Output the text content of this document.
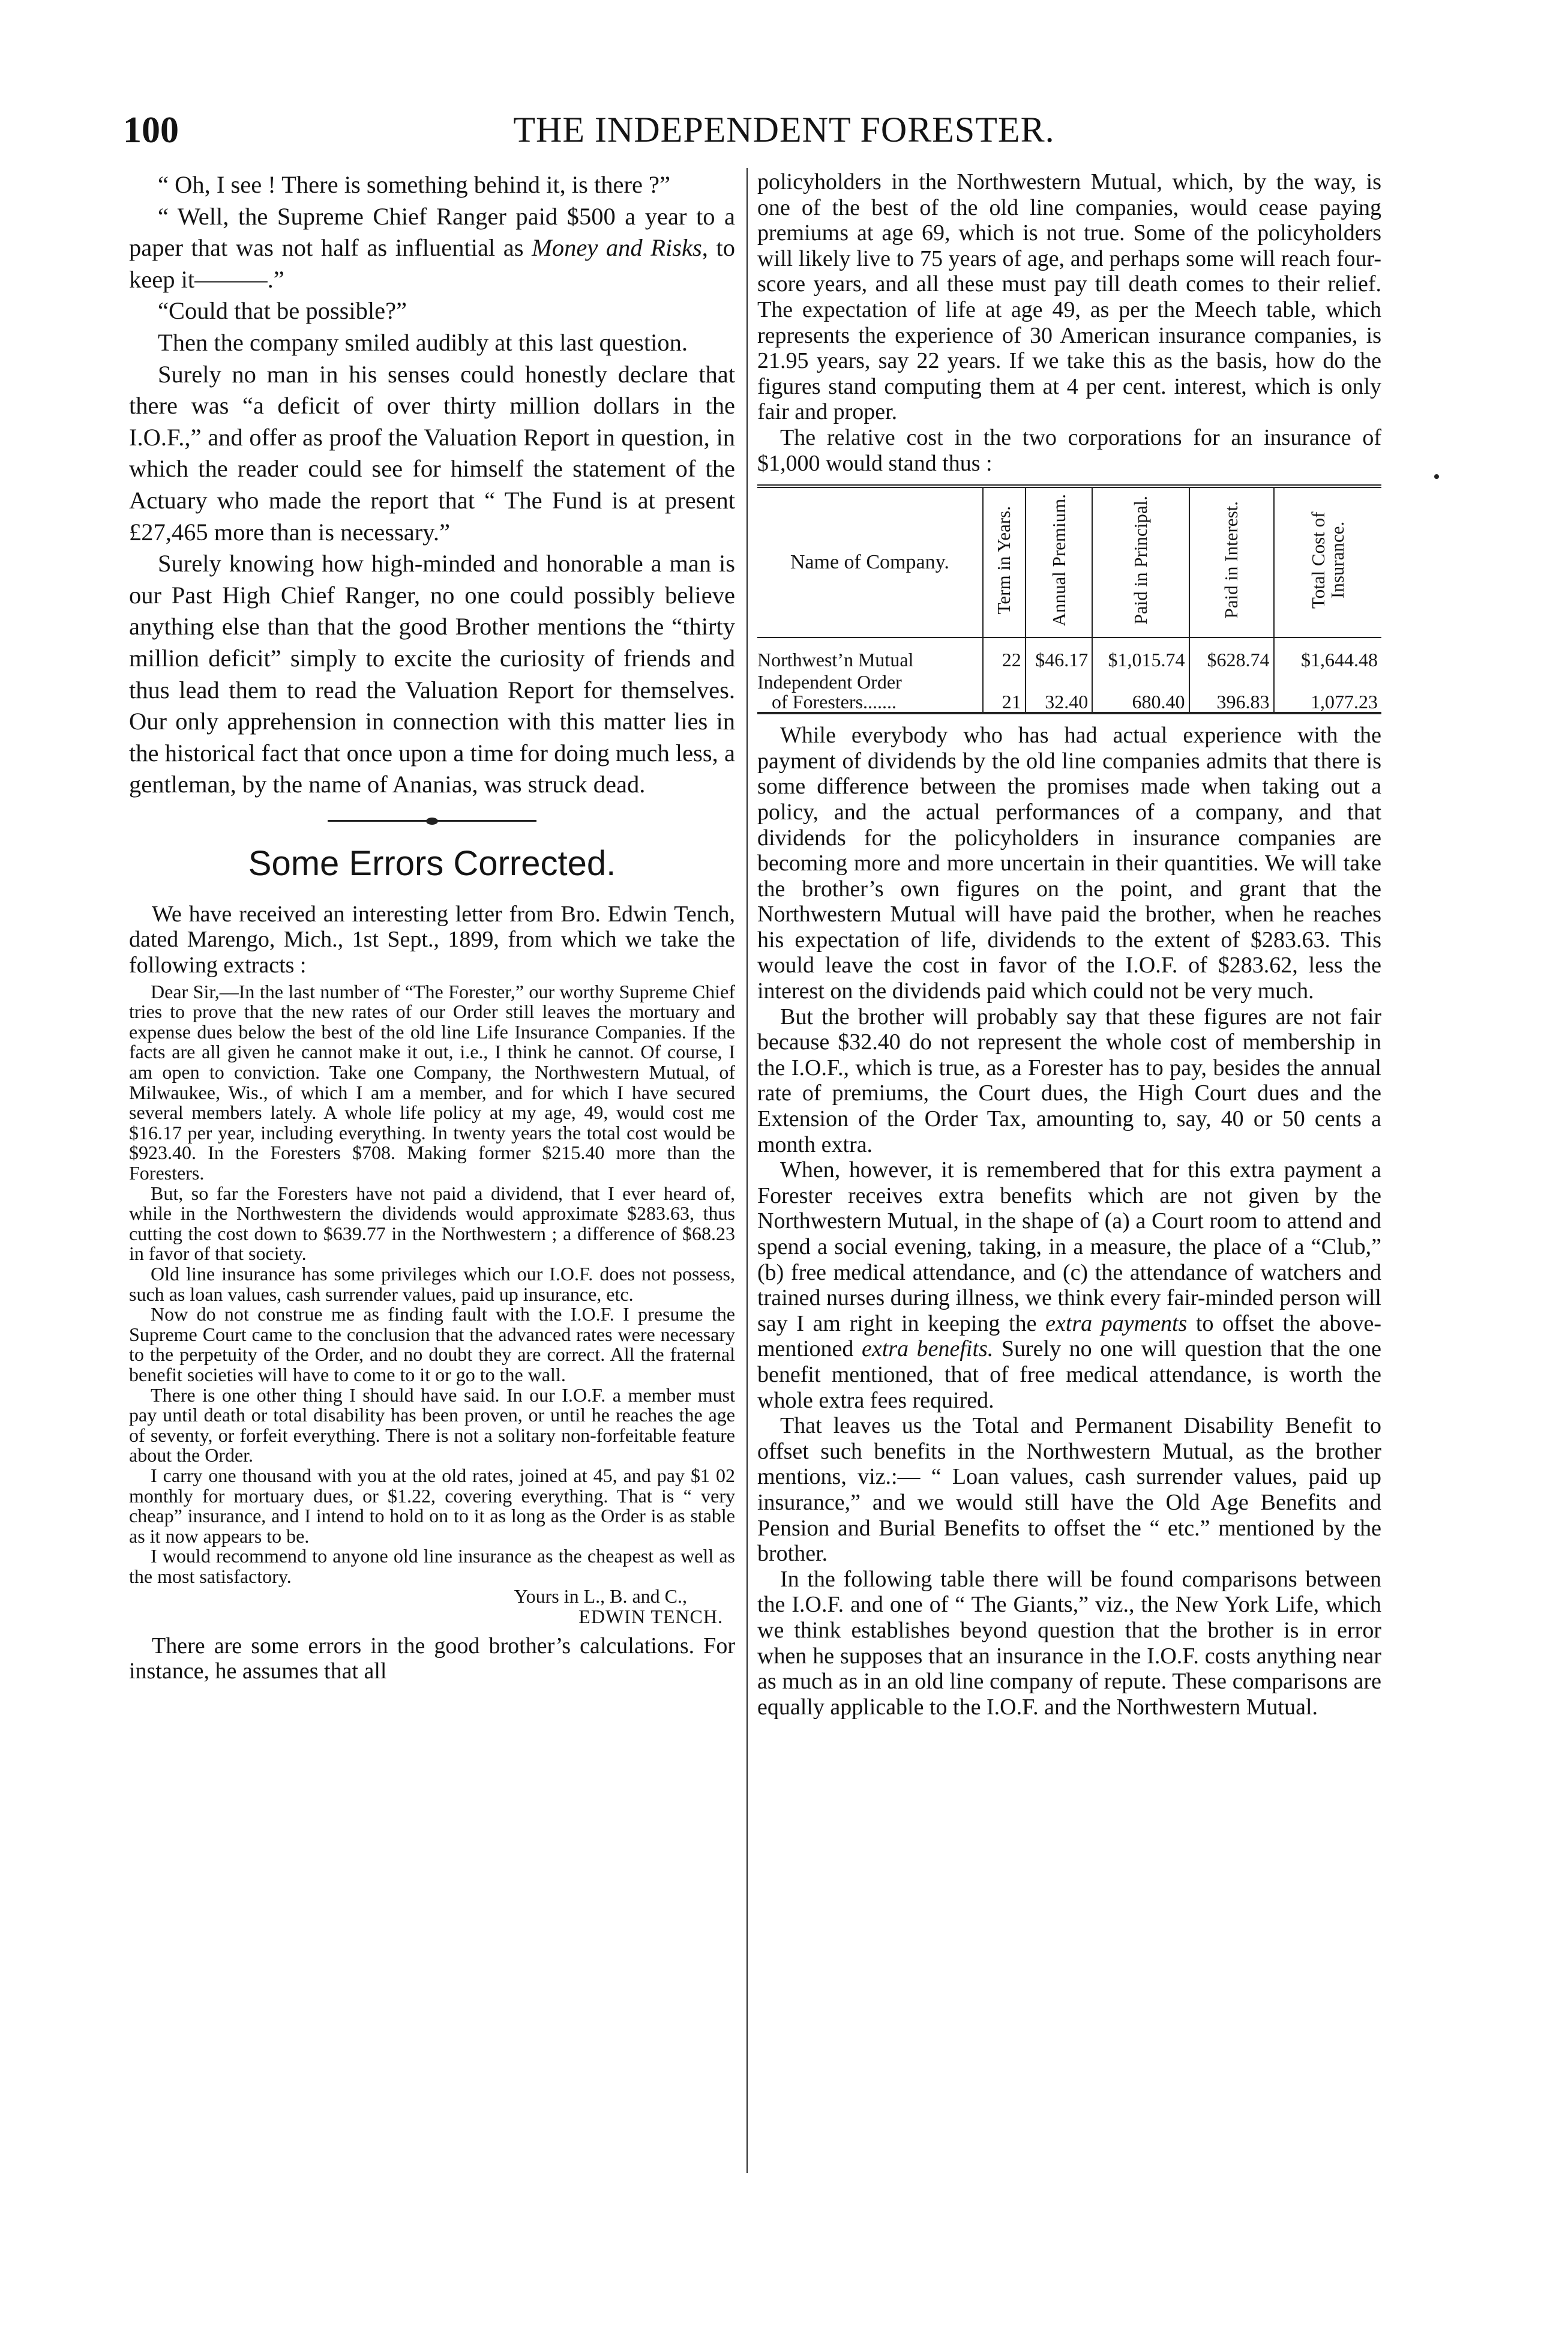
THE INDEPENDENT FORESTER.
100

“ Oh, I see ! There is something behind it, is there ?”

“ Well, the Supreme Chief Ranger paid $500 a year to a paper that was not half as influential as Money and Risks, to keep it———.”

“Could that be possible?”

Then the company smiled audibly at this last question.

Surely no man in his senses could honestly declare that there was “a deficit of over thirty million dollars in the I.O.F.,” and offer as proof the Valuation Report in question, in which the reader could see for himself the statement of the Actuary who made the report that “ The Fund is at present £27,465 more than is necessary.”

Surely knowing how high-minded and honorable a man is our Past High Chief Ranger, no one could possibly believe anything else than that the good Brother mentions the “thirty million deficit” simply to excite the curiosity of friends and thus lead them to read the Valuation Report for themselves. Our only apprehension in connection with this matter lies in the historical fact that once upon a time for doing much less, a gentleman, by the name of Ananias, was struck dead.

Some Errors Corrected.

We have received an interesting letter from Bro. Edwin Tench, dated Marengo, Mich., 1st Sept., 1899, from which we take the following extracts :

Dear Sir,—In the last number of “The Forester,” our worthy Supreme Chief tries to prove that the new rates of our Order still leaves the mortuary and expense dues below the best of the old line Life Insurance Companies. If the facts are all given he cannot make it out, i.e., I think he cannot. Of course, I am open to conviction. Take one Company, the Northwestern Mutual, of Milwaukee, Wis., of which I am a member, and for which I have secured several members lately. A whole life policy at my age, 49, would cost me $16.17 per year, including everything. In twenty years the total cost would be $923.40. In the Foresters $708. Making former $215.40 more than the Foresters.

But, so far the Foresters have not paid a dividend, that I ever heard of, while in the Northwestern the dividends would approximate $283.63, thus cutting the cost down to $639.77 in the Northwestern ; a difference of $68.23 in favor of that society.

Old line insurance has some privileges which our I.O.F. does not possess, such as loan values, cash surrender values, paid up insurance, etc.

Now do not construe me as finding fault with the I.O.F. I presume the Supreme Court came to the conclusion that the advanced rates were necessary to the perpetuity of the Order, and no doubt they are correct. All the fraternal benefit societies will have to come to it or go to the wall.

There is one other thing I should have said. In our I.O.F. a member must pay until death or total disability has been proven, or until he reaches the age of seventy, or forfeit everything. There is not a solitary non-forfeitable feature about the Order.

I carry one thousand with you at the old rates, joined at 45, and pay $1 02 monthly for mortuary dues, or $1.22, covering everything. That is “ very cheap” insurance, and I intend to hold on to it as long as the Order is as stable as it now appears to be.

I would recommend to anyone old line insurance as the cheapest as well as the most satisfactory.

Yours in L., B. and C.,

EDWIN TENCH.

There are some errors in the good brother’s calculations. For instance, he assumes that all

policyholders in the Northwestern Mutual, which, by the way, is one of the best of the old line companies, would cease paying premiums at age 69, which is not true. Some of the policyholders will likely live to 75 years of age, and perhaps some will reach four-score years, and all these must pay till death comes to their relief. The expectation of life at age 49, as per the Meech table, which represents the experience of 30 American insurance companies, is 21.95 years, say 22 years. If we take this as the basis, how do the figures stand computing them at 4 per cent. interest, which is only fair and proper.

The relative cost in the two corporations for an insurance of $1,000 would stand thus :

Name of Company.	Term in Years.	Annual Premium.	Paid in Principal.	Paid in Interest.	Total Cost of Insurance.
Northwest’n Mutual	22	$46.17	$1,015.74	$628.74	$1,644.48

Independent Order
of Foresters.......	21	32.40	680.40	396.83	1,077.23

While everybody who has had actual experience with the payment of dividends by the old line companies admits that there is some difference between the promises made when taking out a policy, and the actual performances of a company, and that dividends for the policyholders in insurance companies are becoming more and more uncertain in their quantities. We will take the brother’s own figures on the point, and grant that the Northwestern Mutual will have paid the brother, when he reaches his expectation of life, dividends to the extent of $283.63. This would leave the cost in favor of the I.O.F. of $283.62, less the interest on the dividends paid which could not be very much.

But the brother will probably say that these figures are not fair because $32.40 do not represent the whole cost of membership in the I.O.F., which is true, as a Forester has to pay, besides the annual rate of premiums, the Court dues, the High Court dues and the Extension of the Order Tax, amounting to, say, 40 or 50 cents a month extra.

When, however, it is remembered that for this extra payment a Forester receives extra benefits which are not given by the Northwestern Mutual, in the shape of (a) a Court room to attend and spend a social evening, taking, in a measure, the place of a “Club,” (b) free medical attendance, and (c) the attendance of watchers and trained nurses during illness, we think every fair-minded person will say I am right in keeping the extra payments to offset the above-mentioned extra benefits. Surely no one will question that the one benefit mentioned, that of free medical attendance, is worth the whole extra fees required.

That leaves us the Total and Permanent Disability Benefit to offset such benefits in the Northwestern Mutual, as the brother mentions, viz.:— “ Loan values, cash surrender values, paid up insurance,” and we would still have the Old Age Benefits and Pension and Burial Benefits to offset the “ etc.” mentioned by the brother.

In the following table there will be found comparisons between the I.O.F. and one of “ The Giants,” viz., the New York Life, which we think establishes beyond question that the brother is in error when he supposes that an insurance in the I.O.F. costs anything near as much as in an old line company of repute. These comparisons are equally applicable to the I.O.F. and the Northwestern Mutual.
